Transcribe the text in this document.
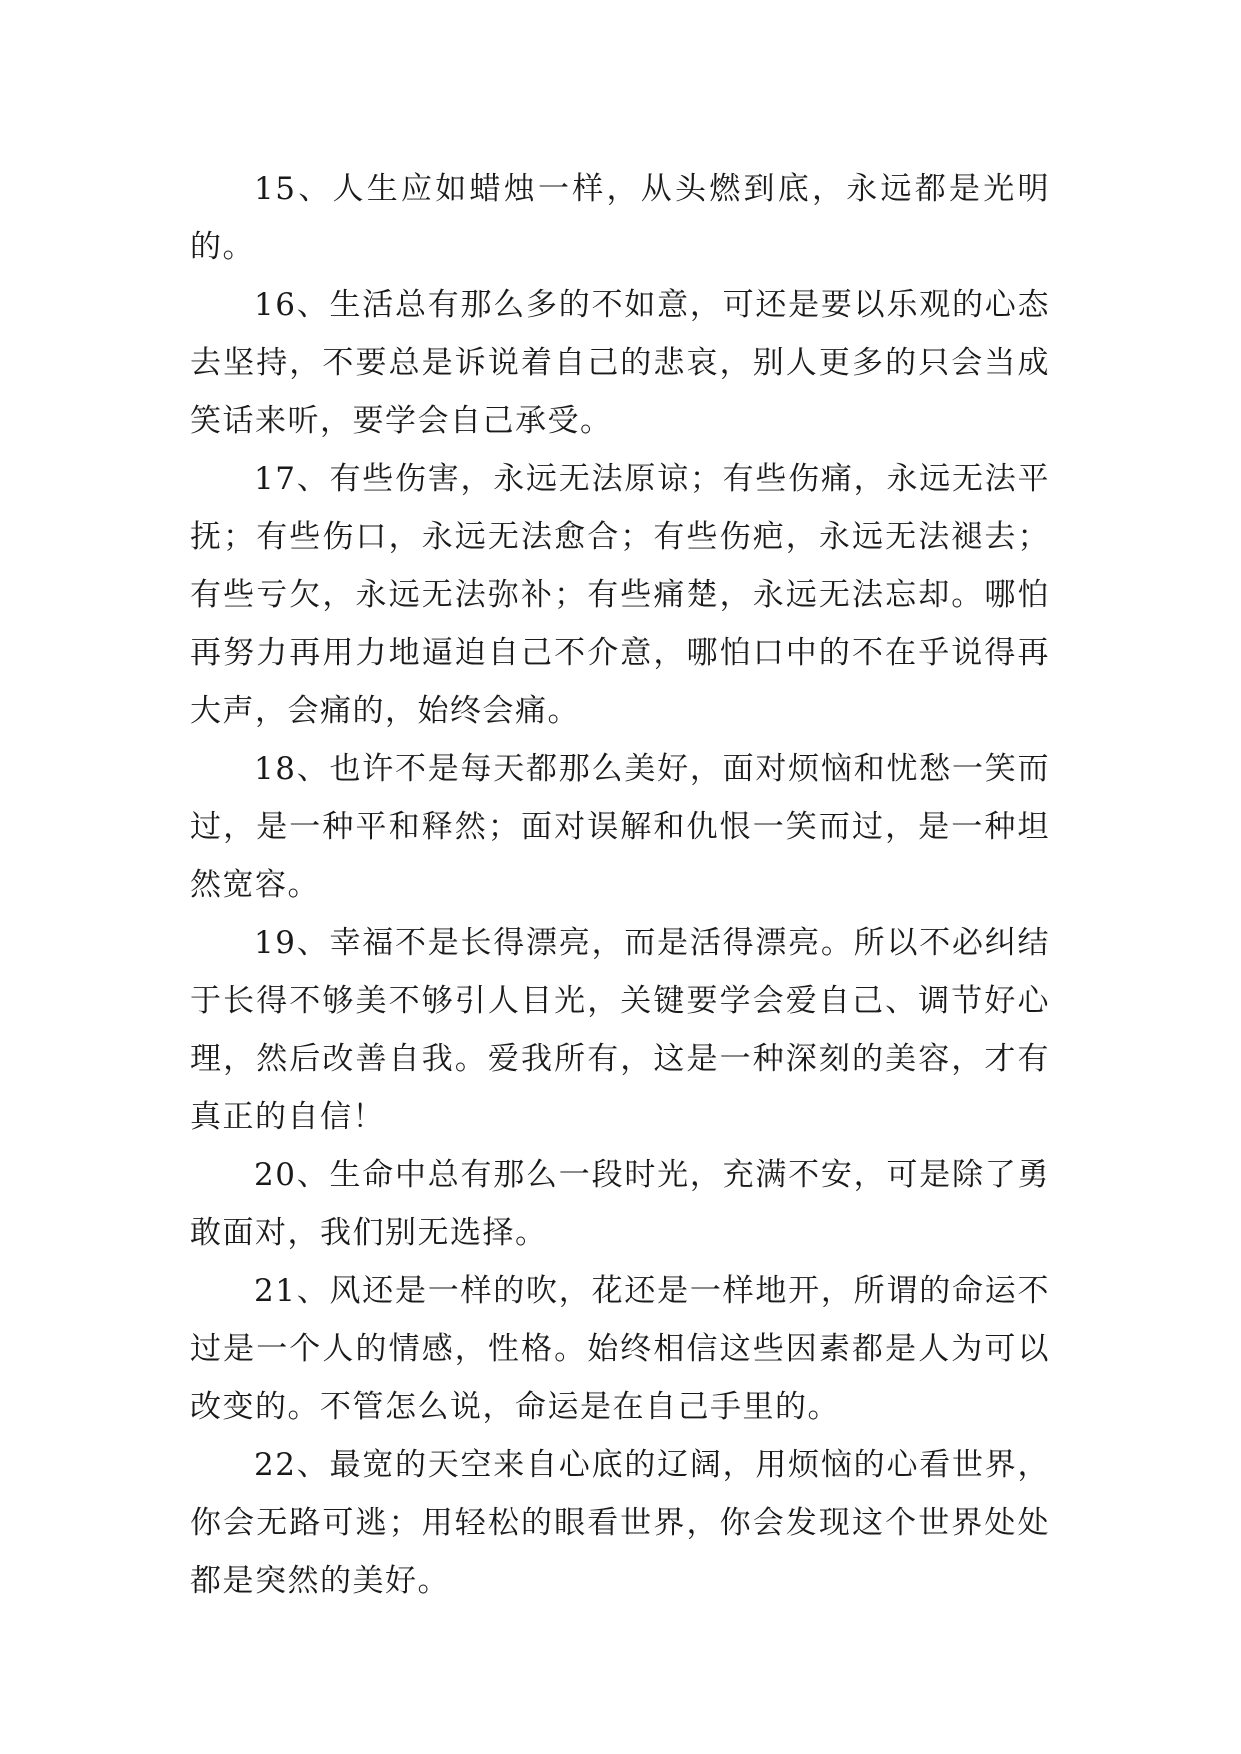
15、人生应如蜡烛一样，从头燃到底，永远都是光明的。

16、生活总有那么多的不如意，可还是要以乐观的心态去坚持，不要总是诉说着自己的悲哀，别人更多的只会当成笑话来听，要学会自己承受。

17、有些伤害，永远无法原谅；有些伤痛，永远无法平抚；有些伤口，永远无法愈合；有些伤疤，永远无法褪去；有些亏欠，永远无法弥补；有些痛楚，永远无法忘却。哪怕再努力再用力地逼迫自己不介意，哪怕口中的不在乎说得再大声，会痛的，始终会痛。

18、也许不是每天都那么美好，面对烦恼和忧愁一笑而过，是一种平和释然；面对误解和仇恨一笑而过，是一种坦然宽容。

19、幸福不是长得漂亮，而是活得漂亮。所以不必纠结于长得不够美不够引人目光，关键要学会爱自己、调节好心理，然后改善自我。爱我所有，这是一种深刻的美容，才有真正的自信！

20、生命中总有那么一段时光，充满不安，可是除了勇敢面对，我们别无选择。

21、风还是一样的吹，花还是一样地开，所谓的命运不过是一个人的情感，性格。始终相信这些因素都是人为可以改变的。不管怎么说，命运是在自己手里的。

22、最宽的天空来自心底的辽阔，用烦恼的心看世界，你会无路可逃；用轻松的眼看世界，你会发现这个世界处处都是突然的美好。
